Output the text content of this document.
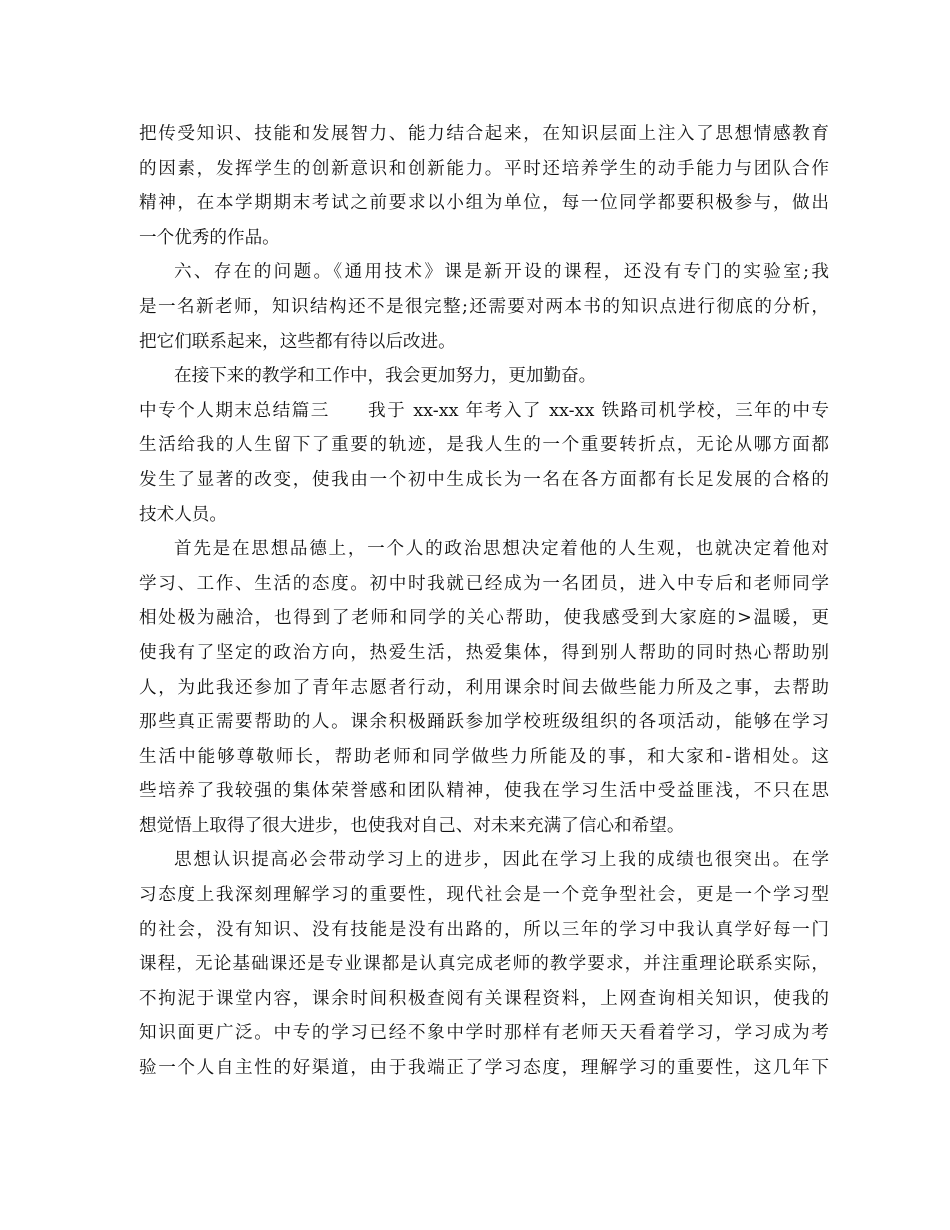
把传受知识、技能和发展智力、能力结合起来，在知识层面上注入了思想情感教育
的因素，发挥学生的创新意识和创新能力。平时还培养学生的动手能力与团队合作
精神，在本学期期末考试之前要求以小组为单位，每一位同学都要积极参与，做出
一个优秀的作品。
六、存在的问题。《通用技术》课是新开设的课程，还没有专门的实验室;我
是一名新老师，知识结构还不是很完整;还需要对两本书的知识点进行彻底的分析，
把它们联系起来，这些都有待以后改进。
在接下来的教学和工作中，我会更加努力，更加勤奋。
中专个人期末总结篇三　　我于 xx-xx 年考入了 xx-xx 铁路司机学校，三年的中专
生活给我的人生留下了重要的轨迹，是我人生的一个重要转折点，无论从哪方面都
发生了显著的改变，使我由一个初中生成长为一名在各方面都有长足发展的合格的
技术人员。
首先是在思想品德上，一个人的政治思想决定着他的人生观，也就决定着他对
学习、工作、生活的态度。初中时我就已经成为一名团员，进入中专后和老师同学
相处极为融洽，也得到了老师和同学的关心帮助，使我感受到大家庭的>温暖，更
使我有了坚定的政治方向，热爱生活，热爱集体，得到别人帮助的同时热心帮助别
人，为此我还参加了青年志愿者行动，利用课余时间去做些能力所及之事，去帮助
那些真正需要帮助的人。课余积极踊跃参加学校班级组织的各项活动，能够在学习
生活中能够尊敬师长，帮助老师和同学做些力所能及的事，和大家和-谐相处。这
些培养了我较强的集体荣誉感和团队精神，使我在学习生活中受益匪浅，不只在思
想觉悟上取得了很大进步，也使我对自己、对未来充满了信心和希望。
思想认识提高必会带动学习上的进步，因此在学习上我的成绩也很突出。在学
习态度上我深刻理解学习的重要性，现代社会是一个竞争型社会，更是一个学习型
的社会，没有知识、没有技能是没有出路的，所以三年的学习中我认真学好每一门
课程，无论基础课还是专业课都是认真完成老师的教学要求，并注重理论联系实际，
不拘泥于课堂内容，课余时间积极查阅有关课程资料，上网查询相关知识，使我的
知识面更广泛。中专的学习已经不象中学时那样有老师天天看着学习，学习成为考
验一个人自主性的好渠道，由于我端正了学习态度，理解学习的重要性，这几年下
